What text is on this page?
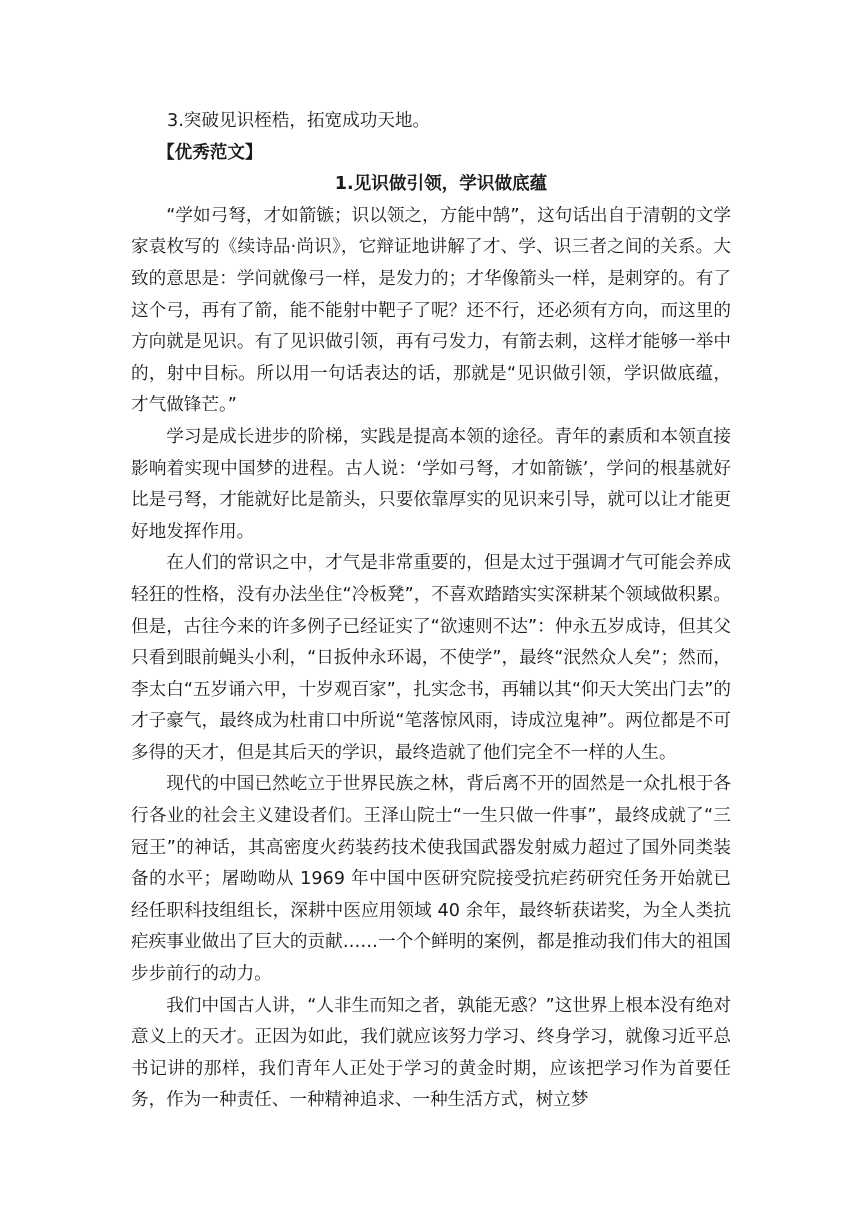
3.突破见识桎梏，拓宽成功天地。

【优秀范文】

1.见识做引领，学识做底蕴

“学如弓弩，才如箭镞；识以领之，方能中鹄”，这句话出自于清朝的文学家袁枚写的《续诗品·尚识》，它辩证地讲解了才、学、识三者之间的关系。大致的意思是：学问就像弓一样，是发力的；才华像箭头一样，是刺穿的。有了这个弓，再有了箭，能不能射中靶子了呢？还不行，还必须有方向，而这里的方向就是见识。有了见识做引领，再有弓发力，有箭去刺，这样才能够一举中的，射中目标。所以用一句话表达的话，那就是“见识做引领，学识做底蕴，才气做锋芒。”

学习是成长进步的阶梯，实践是提高本领的途径。青年的素质和本领直接影响着实现中国梦的进程。古人说：‘学如弓弩，才如箭镞’，学问的根基就好比是弓弩，才能就好比是箭头，只要依靠厚实的见识来引导，就可以让才能更好地发挥作用。

在人们的常识之中，才气是非常重要的，但是太过于强调才气可能会养成轻狂的性格，没有办法坐住“冷板凳”，不喜欢踏踏实实深耕某个领域做积累。但是，古往今来的许多例子已经证实了“欲速则不达”：仲永五岁成诗，但其父只看到眼前蝇头小利，“日扳仲永环谒，不使学”，最终“泯然众人矣”；然而，李太白“五岁诵六甲，十岁观百家”，扎实念书，再辅以其“仰天大笑出门去”的才子豪气，最终成为杜甫口中所说“笔落惊风雨，诗成泣鬼神”。两位都是不可多得的天才，但是其后天的学识，最终造就了他们完全不一样的人生。

现代的中国已然屹立于世界民族之林，背后离不开的固然是一众扎根于各行各业的社会主义建设者们。王泽山院士“一生只做一件事”，最终成就了“三冠王”的神话，其高密度火药装药技术使我国武器发射威力超过了国外同类装备的水平；屠呦呦从 1969 年中国中医研究院接受抗疟药研究任务开始就已经任职科技组组长，深耕中医应用领域 40 余年，最终斩获诺奖，为全人类抗疟疾事业做出了巨大的贡献……一个个鲜明的案例，都是推动我们伟大的祖国步步前行的动力。

我们中国古人讲，“人非生而知之者，孰能无惑？”这世界上根本没有绝对意义上的天才。正因为如此，我们就应该努力学习、终身学习，就像习近平总书记讲的那样，我们青年人正处于学习的黄金时期，应该把学习作为首要任务，作为一种责任、一种精神追求、一种生活方式，树立梦
